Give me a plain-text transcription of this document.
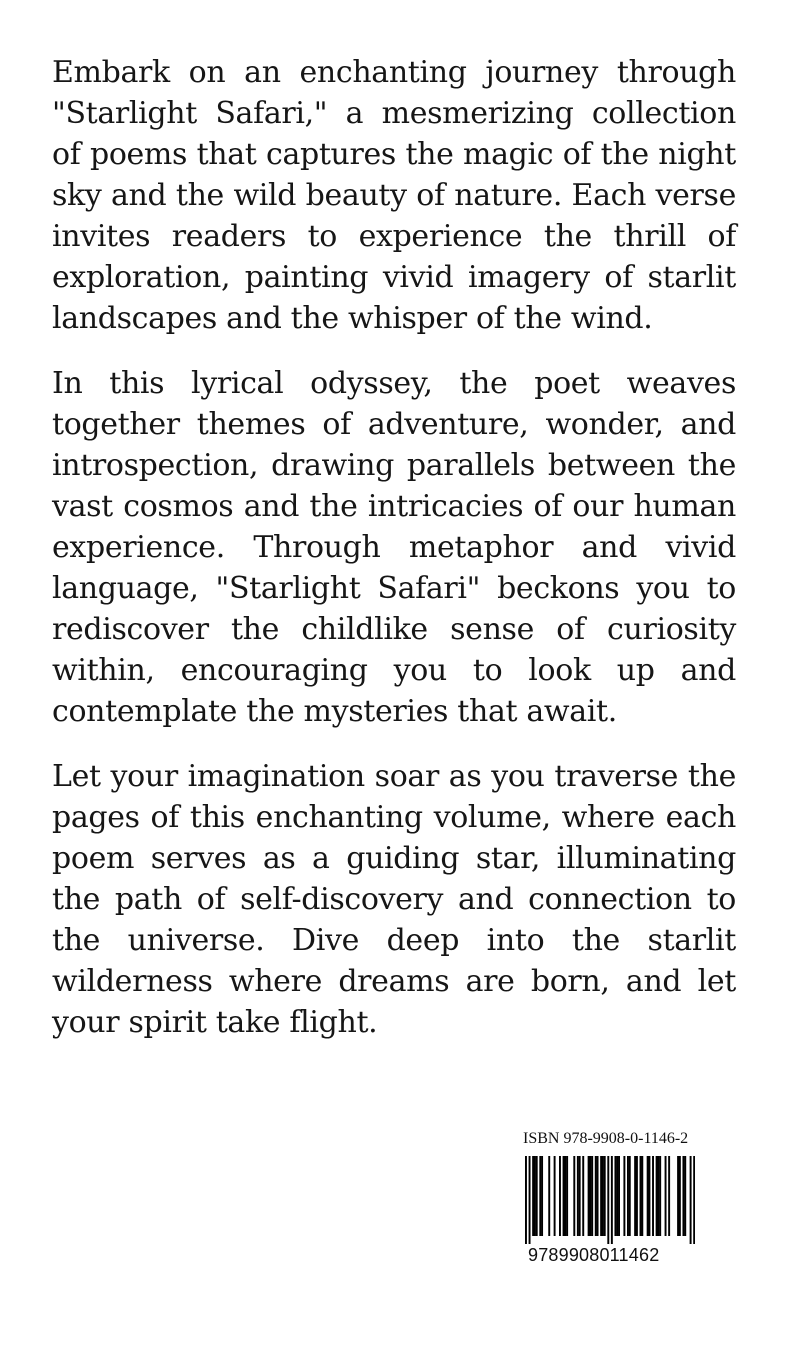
Embark on an enchanting journey through "Starlight Safari," a mesmerizing collection of poems that captures the magic of the night sky and the wild beauty of nature. Each verse invites readers to experience the thrill of exploration, painting vivid imagery of starlit landscapes and the whisper of the wind.

In this lyrical odyssey, the poet weaves together themes of adventure, wonder, and introspection, drawing parallels between the vast cosmos and the intricacies of our human experience. Through metaphor and vivid language, "Starlight Safari" beckons you to rediscover the childlike sense of curiosity within, encouraging you to look up and contemplate the mysteries that await.

Let your imagination soar as you traverse the pages of this enchanting volume, where each poem serves as a guiding star, illuminating the path of self-discovery and connection to the universe. Dive deep into the starlit wilderness where dreams are born, and let your spirit take flight.

ISBN 978-9908-0-1146-2
9789908011462
